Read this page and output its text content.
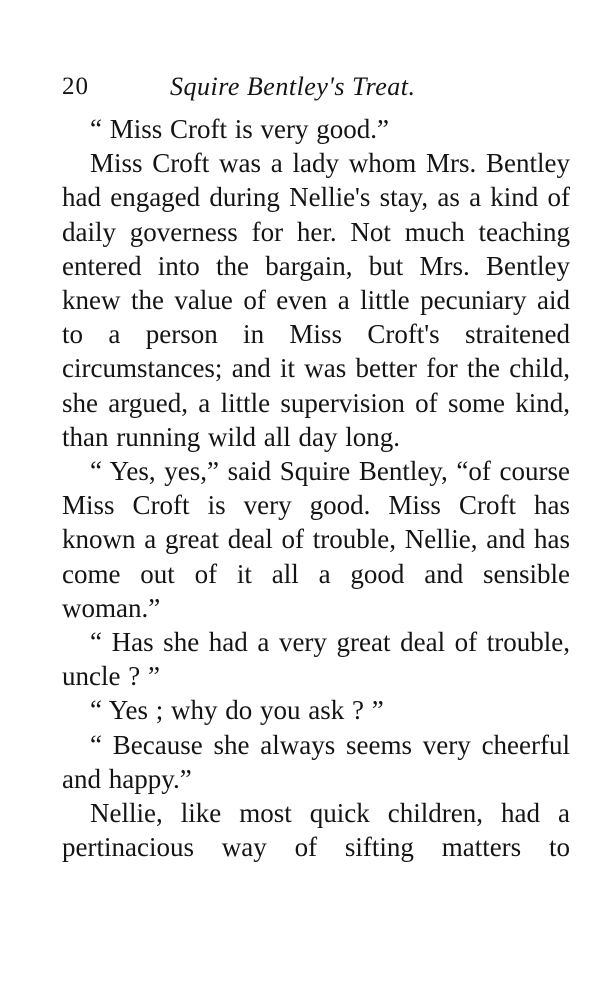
20	Squire Bentley's Treat.

“ Miss Croft is very good.”

Miss Croft was a lady whom Mrs. Bentley had engaged during Nellie's stay, as a kind of daily governess for her. Not much teaching entered into the bargain, but Mrs. Bentley knew the value of even a little pecuniary aid to a person in Miss Croft's straitened circumstances; and it was better for the child, she argued, a little supervision of some kind, than running wild all day long.

“ Yes, yes,” said Squire Bentley, “of course Miss Croft is very good. Miss Croft has known a great deal of trouble, Nellie, and has come out of it all a good and sensible woman.”

“ Has she had a very great deal of trouble, uncle ? ”

“ Yes ; why do you ask ? ”

“ Because she always seems very cheerful and happy.”

Nellie, like most quick children, had a pertinacious way of sifting matters to
